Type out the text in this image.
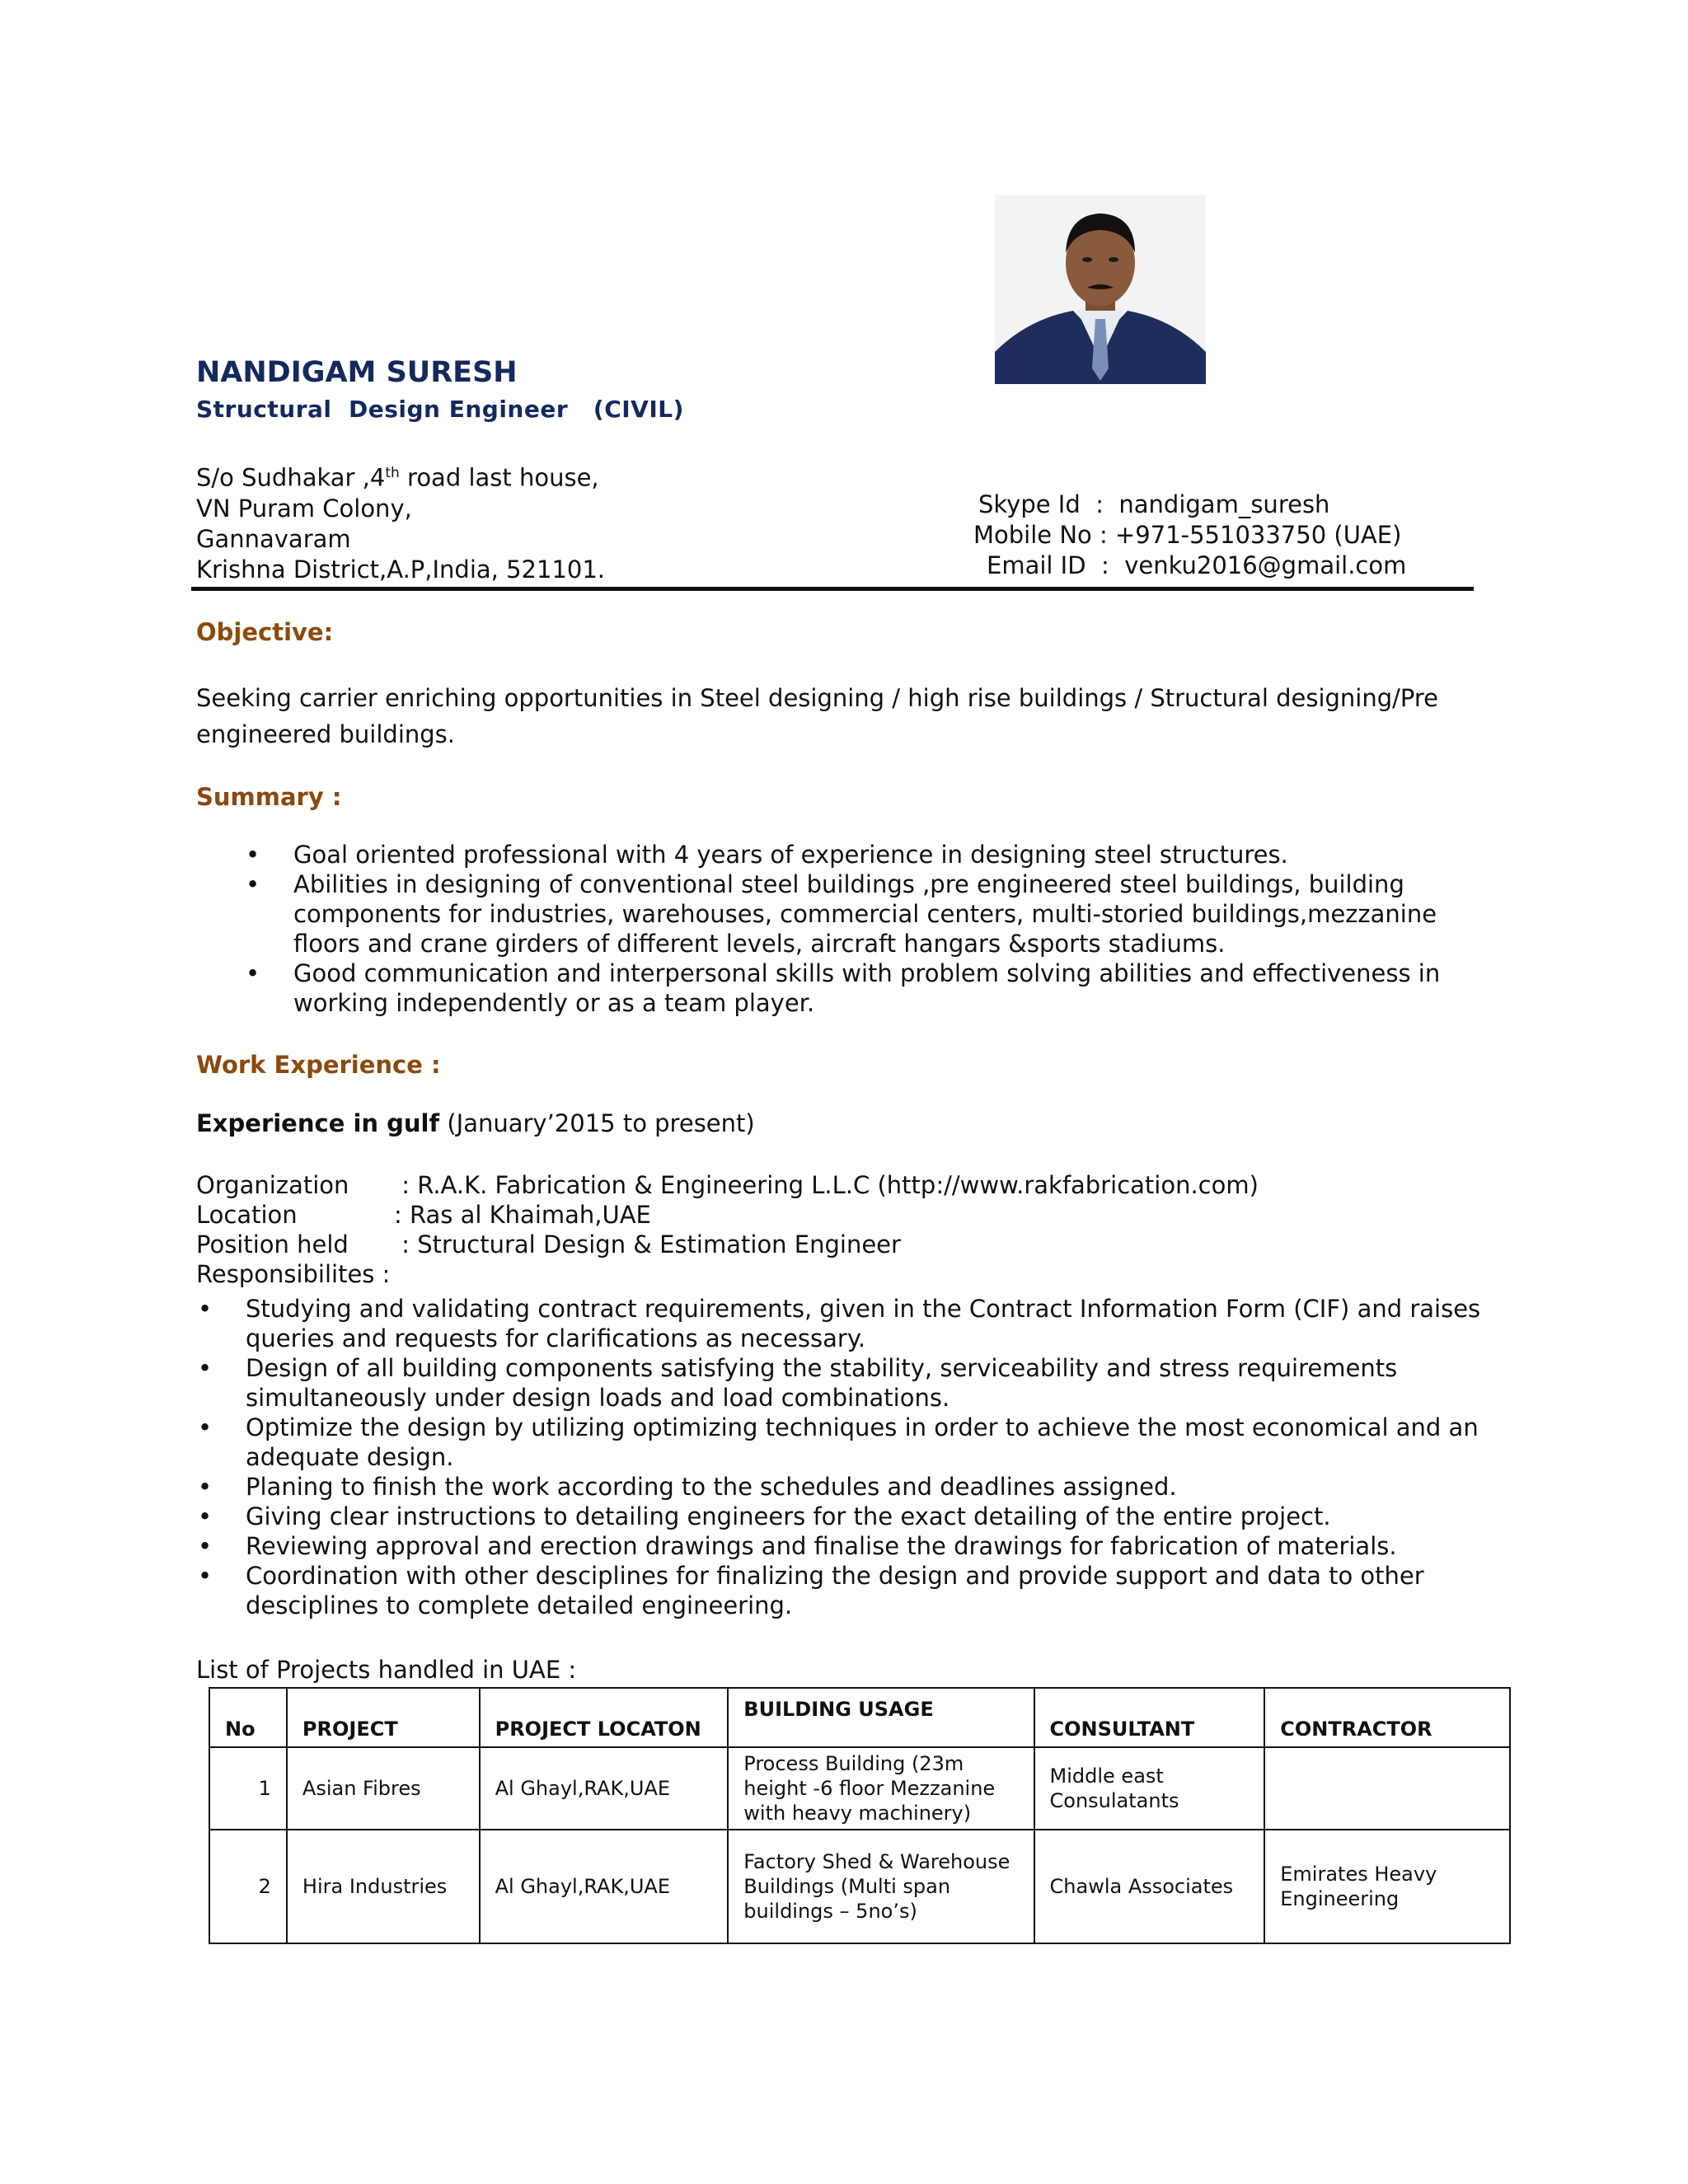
NANDIGAM SURESH
Structural  Design Engineer   (CIVIL)
S/o Sudhakar ,4th road last house,
VN Puram Colony,
Gannavaram
Krishna District,A.P,India, 521101.
Skype Id  :  nandigam_suresh
Mobile No : +971-551033750 (UAE)
Email ID  :  venku2016@gmail.com
Objective:
Seeking carrier enriching opportunities in Steel designing / high rise buildings / Structural designing/Pre engineered buildings.
Summary :
• Goal oriented professional with 4 years of experience in designing steel structures.
• Abilities in designing of conventional steel buildings ,pre engineered steel buildings, building components for industries, warehouses, commercial centers, multi-storied buildings,mezzanine floors and crane girders of different levels, aircraft hangars &sports stadiums.
• Good communication and interpersonal skills with problem solving abilities and effectiveness in working independently or as a team player.
Work Experience :
Experience in gulf (January’2015 to present)
Organization : R.A.K. Fabrication & Engineering L.L.C (http://www.rakfabrication.com)
Location	: Ras al Khaimah,UAE
Position held : Structural Design & Estimation Engineer
Responsibilites :
• Studying and validating contract requirements, given in the Contract Information Form (CIF) and raises queries and requests for clarifications as necessary.
• Design of all building components satisfying the stability, serviceability and stress requirements simultaneously under design loads and load combinations.
• Optimize the design by utilizing optimizing techniques in order to achieve the most economical and an adequate design.
• Planing to finish the work according to the schedules and deadlines assigned.
• Giving clear instructions to detailing engineers for the exact detailing of the entire project.
• Reviewing approval and erection drawings and finalise the drawings for fabrication of materials.
• Coordination with other desciplines for finalizing the design and provide support and data to other desciplines to complete detailed engineering.
List of Projects handled in UAE :
No	PROJECT	PROJECT LOCATON	BUILDING USAGE	CONSULTANT	CONTRACTOR
1	Asian Fibres	Al Ghayl,RAK,UAE	Process Building (23m height -6 floor Mezzanine with heavy machinery)	Middle east Consulatants	
2	Hira Industries	Al Ghayl,RAK,UAE	Factory Shed & Warehouse Buildings (Multi span buildings – 5no’s)	Chawla Associates	Emirates Heavy Engineering
